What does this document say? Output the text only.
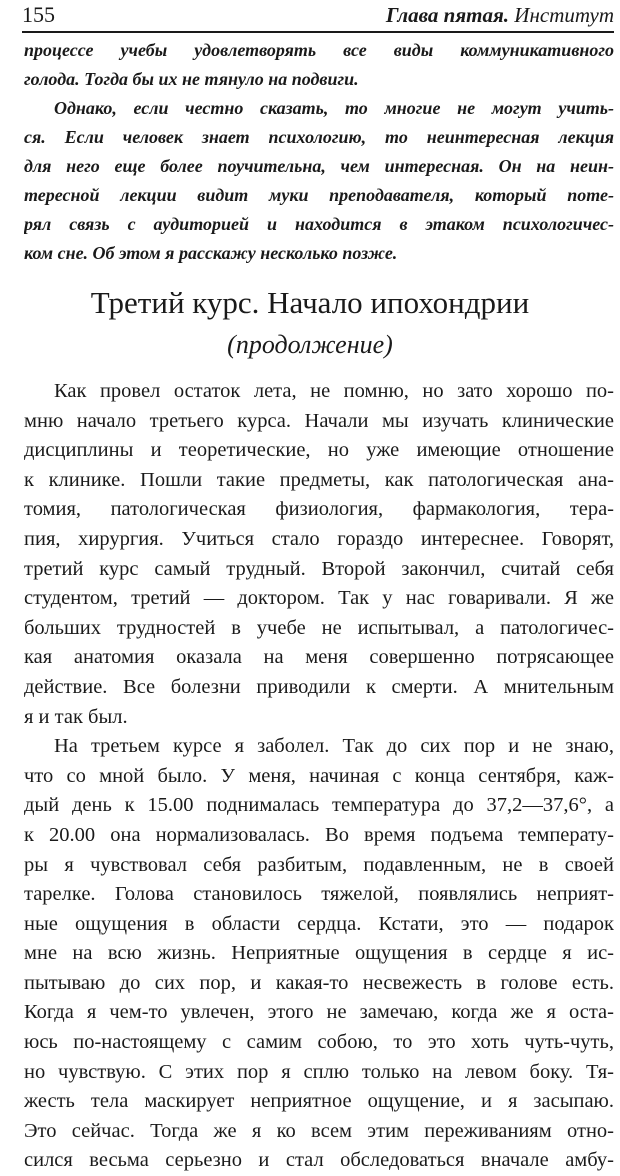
155	Глава пятая. Институт
процессе учебы удовлетворять все виды коммуникативного
голода. Тогда бы их не тянуло на подвиги.
Однако, если честно сказать, то многие не могут учить-
ся. Если человек знает психологию, то неинтересная лекция
для него еще более поучительна, чем интересная. Он на неин-
тересной лекции видит муки преподавателя, который поте-
рял связь с аудиторией и находится в этаком психологичес-
ком сне. Об этом я расскажу несколько позже.
Третий курс. Начало ипохондрии
(продолжение)
Как провел остаток лета, не помню, но зато хорошо по-
мню начало третьего курса. Начали мы изучать клинические
дисциплины и теоретические, но уже имеющие отношение
к клинике. Пошли такие предметы, как патологическая ана-
томия, патологическая физиология, фармакология, тера-
пия, хирургия. Учиться стало гораздо интереснее. Говорят,
третий курс самый трудный. Второй закончил, считай себя
студентом, третий — доктором. Так у нас говаривали. Я же
больших трудностей в учебе не испытывал, а патологичес-
кая анатомия оказала на меня совершенно потрясающее
действие. Все болезни приводили к смерти. А мнительным
я и так был.
На третьем курсе я заболел. Так до сих пор и не знаю,
что со мной было. У меня, начиная с конца сентября, каж-
дый день к 15.00 поднималась температура до 37,2—37,6°, а
к 20.00 она нормализовалась. Во время подъема температу-
ры я чувствовал себя разбитым, подавленным, не в своей
тарелке. Голова становилось тяжелой, появлялись неприят-
ные ощущения в области сердца. Кстати, это — подарок
мне на всю жизнь. Неприятные ощущения в сердце я ис-
пытываю до сих пор, и какая-то несвежесть в голове есть.
Когда я чем-то увлечен, этого не замечаю, когда же я оста-
юсь по-настоящему с самим собою, то это хоть чуть-чуть,
но чувствую. С этих пор я сплю только на левом боку. Тя-
жесть тела маскирует неприятное ощущение, и я засыпаю.
Это сейчас. Тогда же я ко всем этим переживаниям отно-
сился весьма серьезно и стал обследоваться вначале амбу-
